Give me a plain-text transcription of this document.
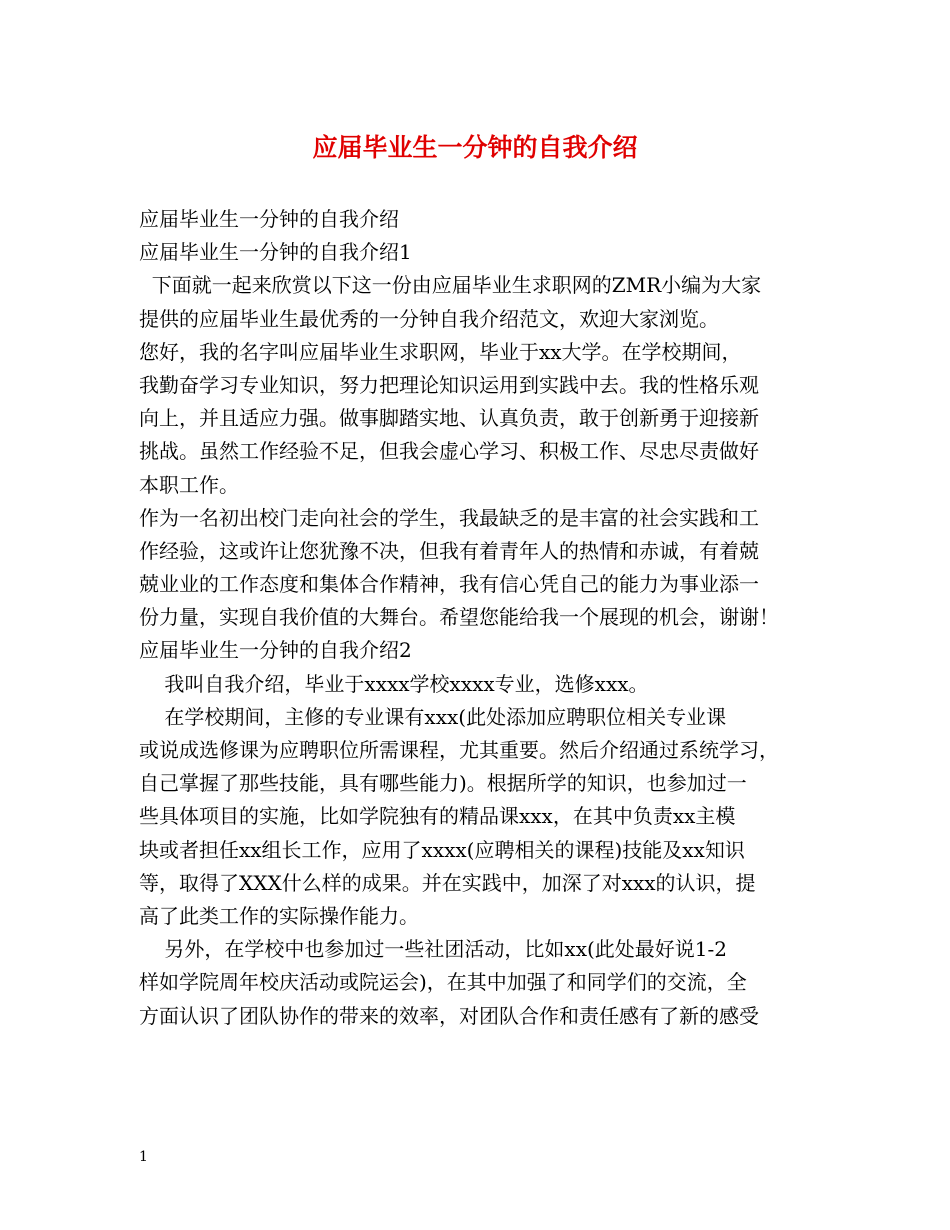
应届毕业生一分钟的自我介绍
应届毕业生一分钟的自我介绍
应届毕业生一分钟的自我介绍1
下面就一起来欣赏以下这一份由应届毕业生求职网的ZMR小编为大家
提供的应届毕业生最优秀的一分钟自我介绍范文，欢迎大家浏览。
您好，我的名字叫应届毕业生求职网，毕业于xx大学。在学校期间，
我勤奋学习专业知识，努力把理论知识运用到实践中去。我的性格乐观
向上，并且适应力强。做事脚踏实地、认真负责，敢于创新勇于迎接新
挑战。虽然工作经验不足，但我会虚心学习、积极工作、尽忠尽责做好
本职工作。
作为一名初出校门走向社会的学生，我最缺乏的是丰富的社会实践和工
作经验，这或许让您犹豫不决，但我有着青年人的热情和赤诚，有着兢
兢业业的工作态度和集体合作精神，我有信心凭自己的能力为事业添一
份力量，实现自我价值的大舞台。希望您能给我一个展现的机会，谢谢！
应届毕业生一分钟的自我介绍2
我叫自我介绍，毕业于xxxx学校xxxx专业，选修xxx。
在学校期间，主修的专业课有xxx(此处添加应聘职位相关专业课
或说成选修课为应聘职位所需课程，尤其重要。然后介绍通过系统学习，
自己掌握了那些技能，具有哪些能力)。根据所学的知识，也参加过一
些具体项目的实施，比如学院独有的精品课xxx，在其中负责xx主模
块或者担任xx组长工作，应用了xxxx(应聘相关的课程)技能及xx知识
等，取得了XXX什么样的成果。并在实践中，加深了对xxx的认识，提
高了此类工作的实际操作能力。
另外，在学校中也参加过一些社团活动，比如xx(此处最好说1-2
样如学院周年校庆活动或院运会)，在其中加强了和同学们的交流，全
方面认识了团队协作的带来的效率，对团队合作和责任感有了新的感受
1
